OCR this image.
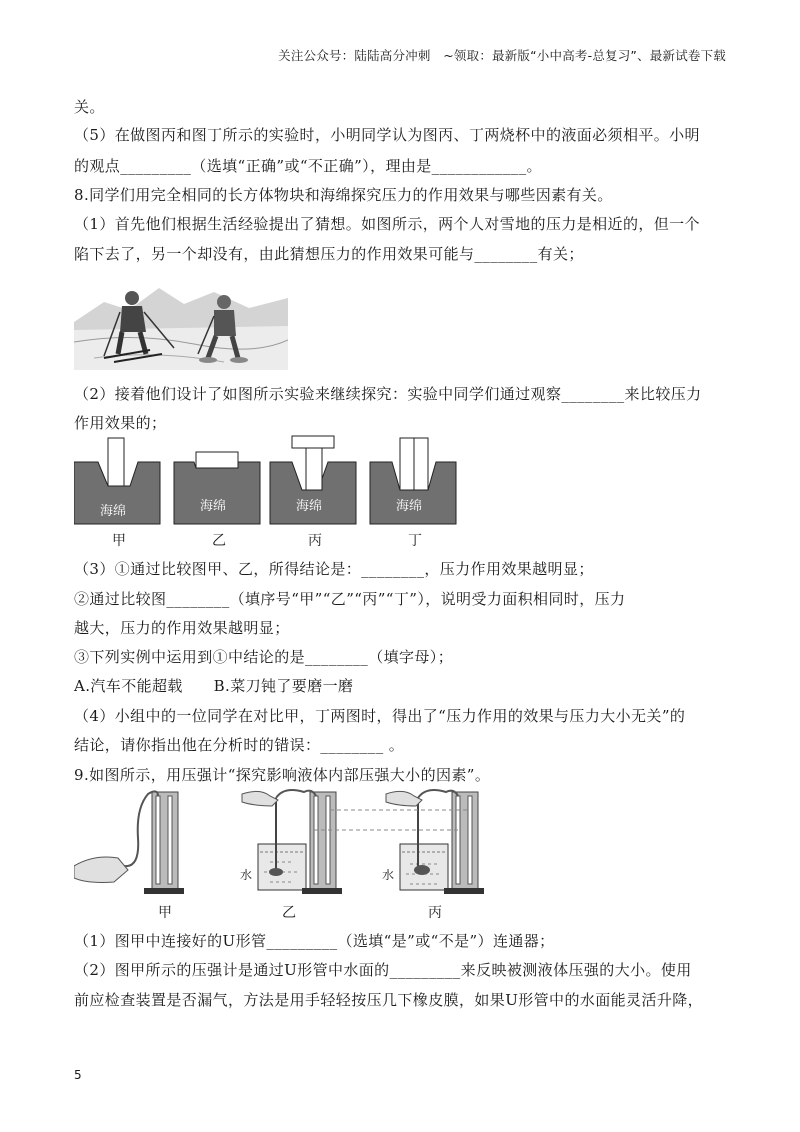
关注公众号：陆陆高分冲刺　~领取：最新版“小中高考-总复习”、最新试卷下载
关。
（5）在做图丙和图丁所示的实验时，小明同学认为图丙、丁两烧杯中的液面必须相平。小明
的观点_________（选填“正确”或“不正确”），理由是____________。
8.同学们用完全相同的长方体物块和海绵探究压力的作用效果与哪些因素有关。
（1）首先他们根据生活经验提出了猜想。如图所示，两个人对雪地的压力是相近的，但一个
陷下去了，另一个却没有，由此猜想压力的作用效果可能与________有关；
（2）接着他们设计了如图所示实验来继续探究：实验中同学们通过观察________来比较压力
作用效果的；
海绵	海绵	海绵	海绵
甲	乙	丙	丁
（3）①通过比较图甲、乙，所得结论是：________，压力作用效果越明显；
②通过比较图________（填序号“甲”“乙”“丙”“丁”），说明受力面积相同时，压力
越大，压力的作用效果越明显；
③下列实例中运用到①中结论的是________（填字母）；
A.汽车不能超载　　B.菜刀钝了要磨一磨
（4）小组中的一位同学在对比甲，丁两图时，得出了“压力作用的效果与压力大小无关”的
结论，请你指出他在分析时的错误：________ 。
9.如图所示，用压强计“探究影响液体内部压强大小的因素”。
水	水
甲	乙	丙
（1）图甲中连接好的U形管_________（选填“是”或“不是”）连通器；
（2）图甲所示的压强计是通过U形管中水面的_________来反映被测液体压强的大小。使用
前应检查装置是否漏气，方法是用手轻轻按压几下橡皮膜，如果U形管中的水面能灵活升降，
5
